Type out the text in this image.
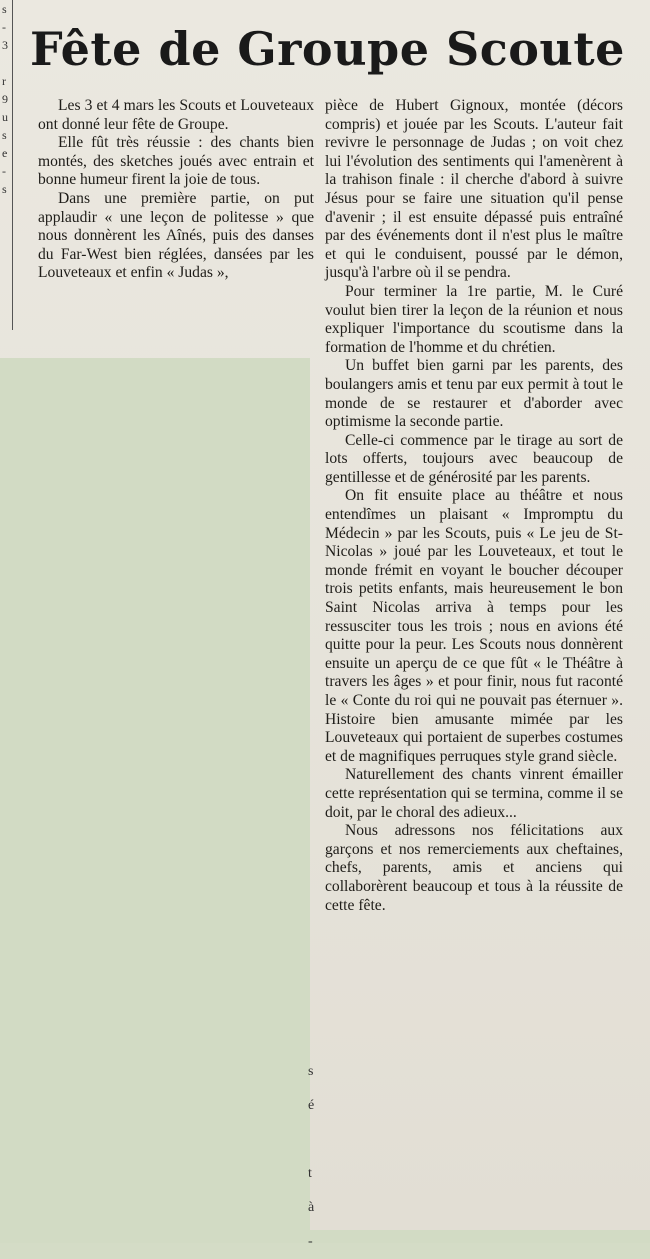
s
-
3

r
9
u
s
e
-
s
Fête de Groupe Scoute

Les 3 et 4 mars les Scouts et Louveteaux ont donné leur fête de Groupe.

Elle fût très réussie : des chants bien montés, des sketches joués avec entrain et bonne humeur firent la joie de tous.

Dans une première partie, on put applaudir « une leçon de politesse » que nous donnèrent les Aînés, puis des danses du Far-West bien réglées, dansées par les Louveteaux et enfin « Judas »,

pièce de Hubert Gignoux, montée (décors compris) et jouée par les Scouts. L'auteur fait revivre le personnage de Judas ; on voit chez lui l'évolution des sentiments qui l'amenèrent à la trahison finale : il cherche d'abord à suivre Jésus pour se faire une situation qu'il pense d'avenir ; il est ensuite dépassé puis entraîné par des événements dont il n'est plus le maître et qui le conduisent, poussé par le démon, jusqu'à l'arbre où il se pendra.

Pour terminer la 1re partie, M. le Curé voulut bien tirer la leçon de la réunion et nous expliquer l'importance du scoutisme dans la formation de l'homme et du chrétien.

Un buffet bien garni par les parents, des boulangers amis et tenu par eux permit à tout le monde de se restaurer et d'aborder avec optimisme la seconde partie.

Celle-ci commence par le tirage au sort de lots offerts, toujours avec beaucoup de gentillesse et de générosité par les parents.

On fit ensuite place au théâtre et nous entendîmes un plaisant « Impromptu du Médecin » par les Scouts, puis « Le jeu de St-Nicolas » joué par les Louveteaux, et tout le monde frémit en voyant le boucher découper trois petits enfants, mais heureusement le bon Saint Nicolas arriva à temps pour les ressusciter tous les trois ; nous en avions été quitte pour la peur. Les Scouts nous donnèrent ensuite un aperçu de ce que fût « le Théâtre à travers les âges » et pour finir, nous fut raconté le « Conte du roi qui ne pouvait pas éternuer ». Histoire bien amusante mimée par les Louveteaux qui portaient de superbes costumes et de magnifiques perruques style grand siècle.

Naturellement des chants vinrent émailler cette représentation qui se termina, comme il se doit, par le choral des adieux...

Nous adressons nos félicitations aux garçons et nos remerciements aux cheftaines, chefs, parents, amis et anciens qui collaborèrent beaucoup et tous à la réussite de cette fête.

s
é

t
à
-
